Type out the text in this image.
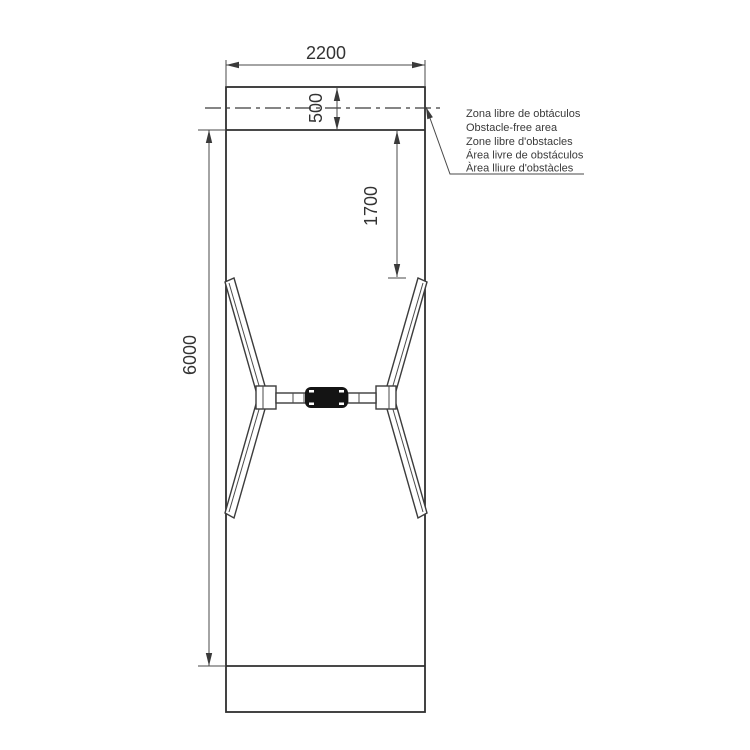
2200
500
1700
6000
Zona libre de obtáculos
Obstacle-free area
Zone libre d'obstacles
Área livre de obstáculos
Àrea lliure d'obstàcles
